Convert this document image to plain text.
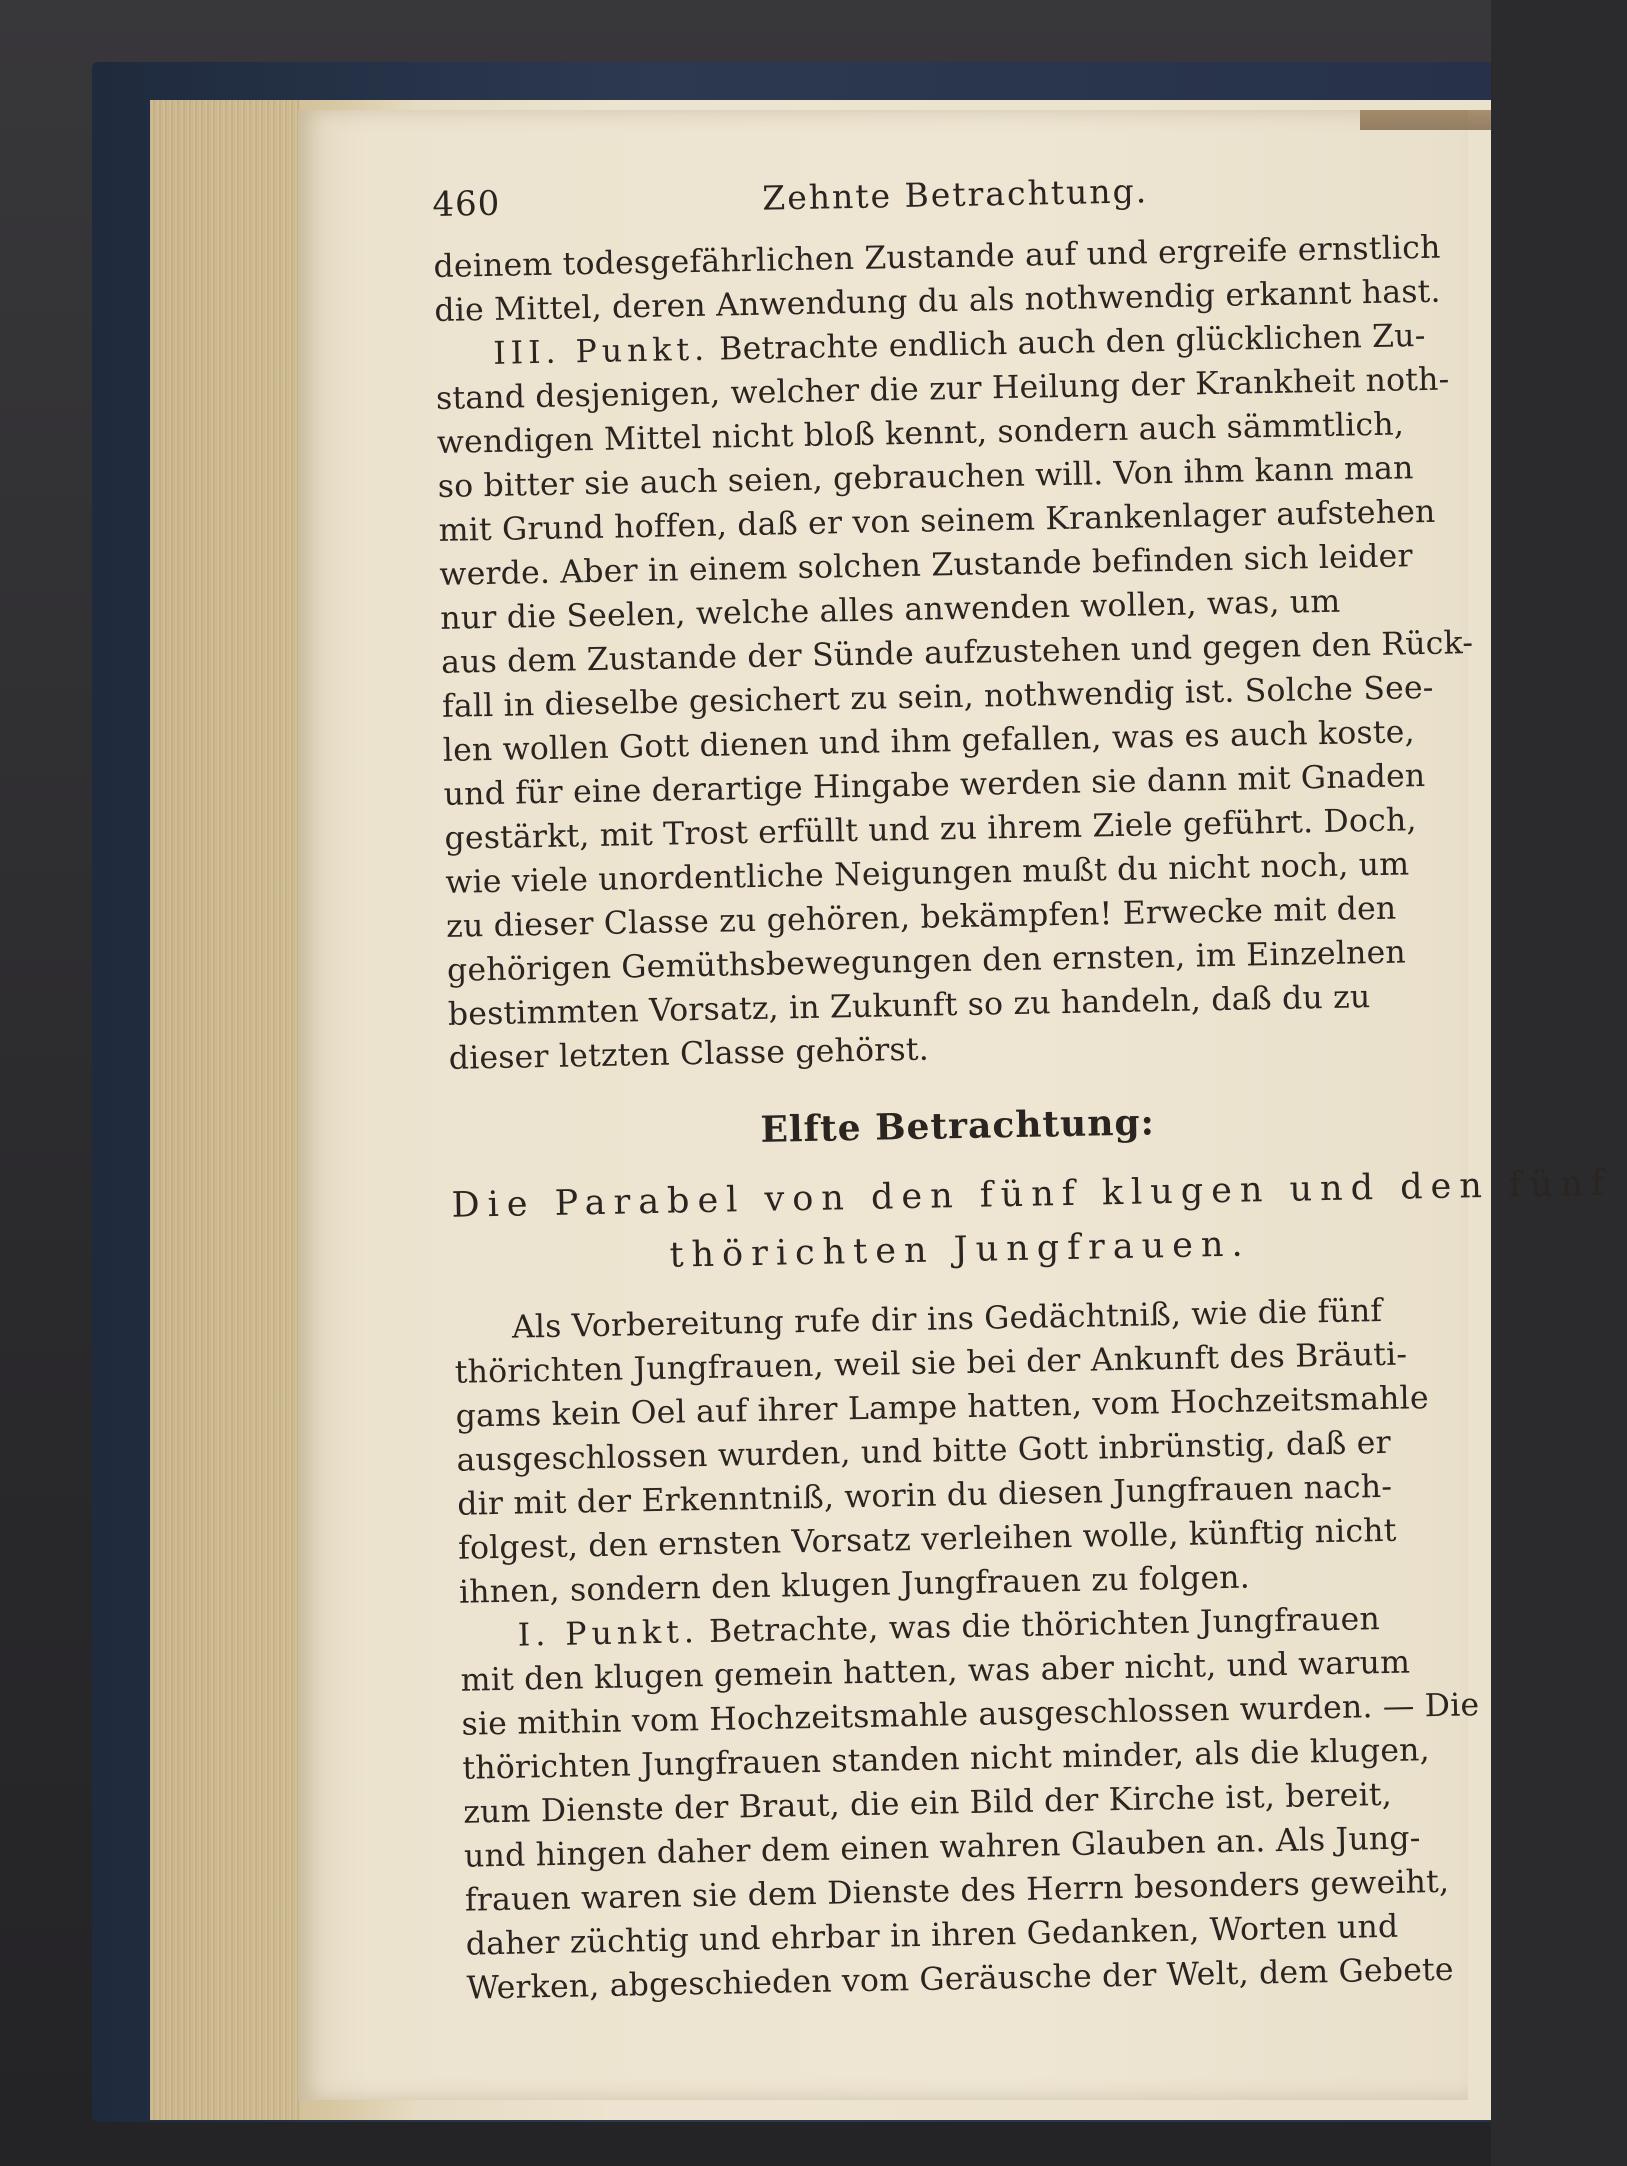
460	Zehnte Betrachtung.

deinem todesgefährlichen Zustande auf und ergreife ernstlich
die Mittel, deren Anwendung du als nothwendig erkannt hast.

III. Punkt. Betrachte endlich auch den glücklichen Zu-
stand desjenigen, welcher die zur Heilung der Krankheit noth-
wendigen Mittel nicht bloß kennt, sondern auch sämmtlich,
so bitter sie auch seien, gebrauchen will. Von ihm kann man
mit Grund hoffen, daß er von seinem Krankenlager aufstehen
werde. Aber in einem solchen Zustande befinden sich leider
nur die Seelen, welche alles anwenden wollen, was, um
aus dem Zustande der Sünde aufzustehen und gegen den Rück-
fall in dieselbe gesichert zu sein, nothwendig ist. Solche See-
len wollen Gott dienen und ihm gefallen, was es auch koste,
und für eine derartige Hingabe werden sie dann mit Gnaden
gestärkt, mit Trost erfüllt und zu ihrem Ziele geführt. Doch,
wie viele unordentliche Neigungen mußt du nicht noch, um
zu dieser Classe zu gehören, bekämpfen! Erwecke mit den
gehörigen Gemüthsbewegungen den ernsten, im Einzelnen
bestimmten Vorsatz, in Zukunft so zu handeln, daß du zu
dieser letzten Classe gehörst.

Elfte Betrachtung:
Die Parabel von den fünf klugen und den fünf
thörichten Jungfrauen.

Als Vorbereitung rufe dir ins Gedächtniß, wie die fünf
thörichten Jungfrauen, weil sie bei der Ankunft des Bräuti-
gams kein Oel auf ihrer Lampe hatten, vom Hochzeitsmahle
ausgeschlossen wurden, und bitte Gott inbrünstig, daß er
dir mit der Erkenntniß, worin du diesen Jungfrauen nach-
folgest, den ernsten Vorsatz verleihen wolle, künftig nicht
ihnen, sondern den klugen Jungfrauen zu folgen.

I. Punkt. Betrachte, was die thörichten Jungfrauen
mit den klugen gemein hatten, was aber nicht, und warum
sie mithin vom Hochzeitsmahle ausgeschlossen wurden. — Die
thörichten Jungfrauen standen nicht minder, als die klugen,
zum Dienste der Braut, die ein Bild der Kirche ist, bereit,
und hingen daher dem einen wahren Glauben an. Als Jung-
frauen waren sie dem Dienste des Herrn besonders geweiht,
daher züchtig und ehrbar in ihren Gedanken, Worten und
Werken, abgeschieden vom Geräusche der Welt, dem Gebete
